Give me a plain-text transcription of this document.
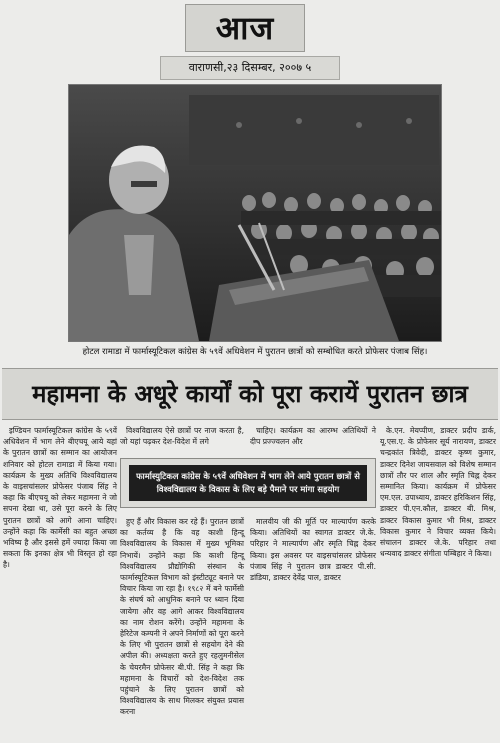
आज
वाराणसी,२३ दिसम्बर, २००७ ५
होटल रामाडा में फार्मास्यूटिकल कांग्रेस के ५९वें अधिवेशन में पुरातन छात्रों को सम्बोधित करते प्रोफेसर पंजाब सिंह।
महामना के अधूरे कार्यों को पूरा करायें पुरातन छात्र

इण्डियन फार्मास्यूटिकल कांग्रेस के ५९वें अधिवेशन में भाग लेने बीएचयू आये यहां के पुरातन छात्रों का सम्मान का आयोजन शनिवार को होटल रामाडा में किया गया। कार्यक्रम के मुख्य अतिथि विश्वविद्यालय के वाइसचांसलर प्रोफेसर पंजाब सिंह ने कहा कि बीएचयू को लेकर महामना ने जो सपना देखा था, उसे पूरा करने के लिए पुरातन छात्रों को आगे आना चाहिए। उन्होंने कहा कि कार्मेसी का बहुत अच्छा भविष्य है और इससे हमें ज्यादा किया जा सकता कि इनका क्षेत्र भी विस्तृत हो रहा है।

विश्वविद्यालय ऐसे छात्रों पर नाज करता है, जो यहां पढ़कर देश-विदेश में लगे

चाहिए। कार्यक्रम का आरम्भ अतिथियों ने दीप प्रज्ज्वलन और

के.एन. मेयप्पीण, डाक्टर प्रदीप डार्क, यू.एस.ए. के प्रोफेसर सूर्य नारायण, डाक्टर चन्द्रकांत त्रिवेदी, डाक्टर कृष्ण कुमार, डाक्टर दिनेश जायसवाल को विशेष सम्मान छात्रों तौर पर शाल और स्मृति चिह्न देकर सम्मानित किया। कार्यक्रम में प्रोफेसर एम.एल. उपाध्याय, डाक्टर हरिकिशन सिंह, डाक्टर पी.एन.कौल, डाक्टर बी. मिश्र, डाक्टर विकास कुमार भी मिश्र, डाक्टर विकास कुमार ने विचार व्यक्त किये। संचालन डाक्टर जे.के. परिहार तथा धन्यवाद डाक्टर संगीता पम्बिहार ने किया।

फार्मास्युटिकल कांग्रेस के ५९वें अधिवेशन में भाग लेने आये पुरातन छात्रों से विश्वविद्यालय के विकास के लिए बड़े पैमाने पर मांगा सहयोग

हुए हैं और विकास कर रहे हैं। पुरातन छात्रों का कर्तव्य है कि वह काशी हिन्दू विश्वविद्यालय के विकास में मुख्य भूमिका निभायें। उन्होंने कहा कि काशी हिन्दू विश्वविद्यालय प्रौद्योगिकी संस्थान के फार्मास्यूटिकल विभाग को इंस्टीट्यूट बनाने पर विचार किया जा रहा है। १९८२ में बने फार्मेसी के संघर्ष को आधुनिक बनाने पर ध्यान दिया जायेगा और वह आगे आकर विश्वविद्यालय का नाम रोशन करेंगे। उन्होंने महामना के हेरिटेज कम्पनी ने अपने निर्माणों को पूरा करने के लिए भी पुरातन छात्रों से सहयोग देने की अपील की। अध्यक्षता करते हुए रहलुमनीसेल के चेयरमैन प्रोफेसर बी.पी. सिंह ने कहा कि महामना के विचारों को देश-विदेश तक पहुंचाने के लिए पुरातन छात्रों को विश्वविद्यालय के साथ मिलकर संयुक्त प्रयास करना

मालवीय जी की मूर्ति पर माल्यार्पण करके किया। अतिथियों का स्वागत डाक्टर जे.के. परिहार ने माल्यार्पण और स्मृति चिह्न देकर किया। इस अवसर पर वाइसचांसलर प्रोफेसर पंजाब सिंह ने पुरातन छात्र डाक्टर पी.सी. डांडिया, डाक्टर देवेंद्र पाल, डाक्टर
